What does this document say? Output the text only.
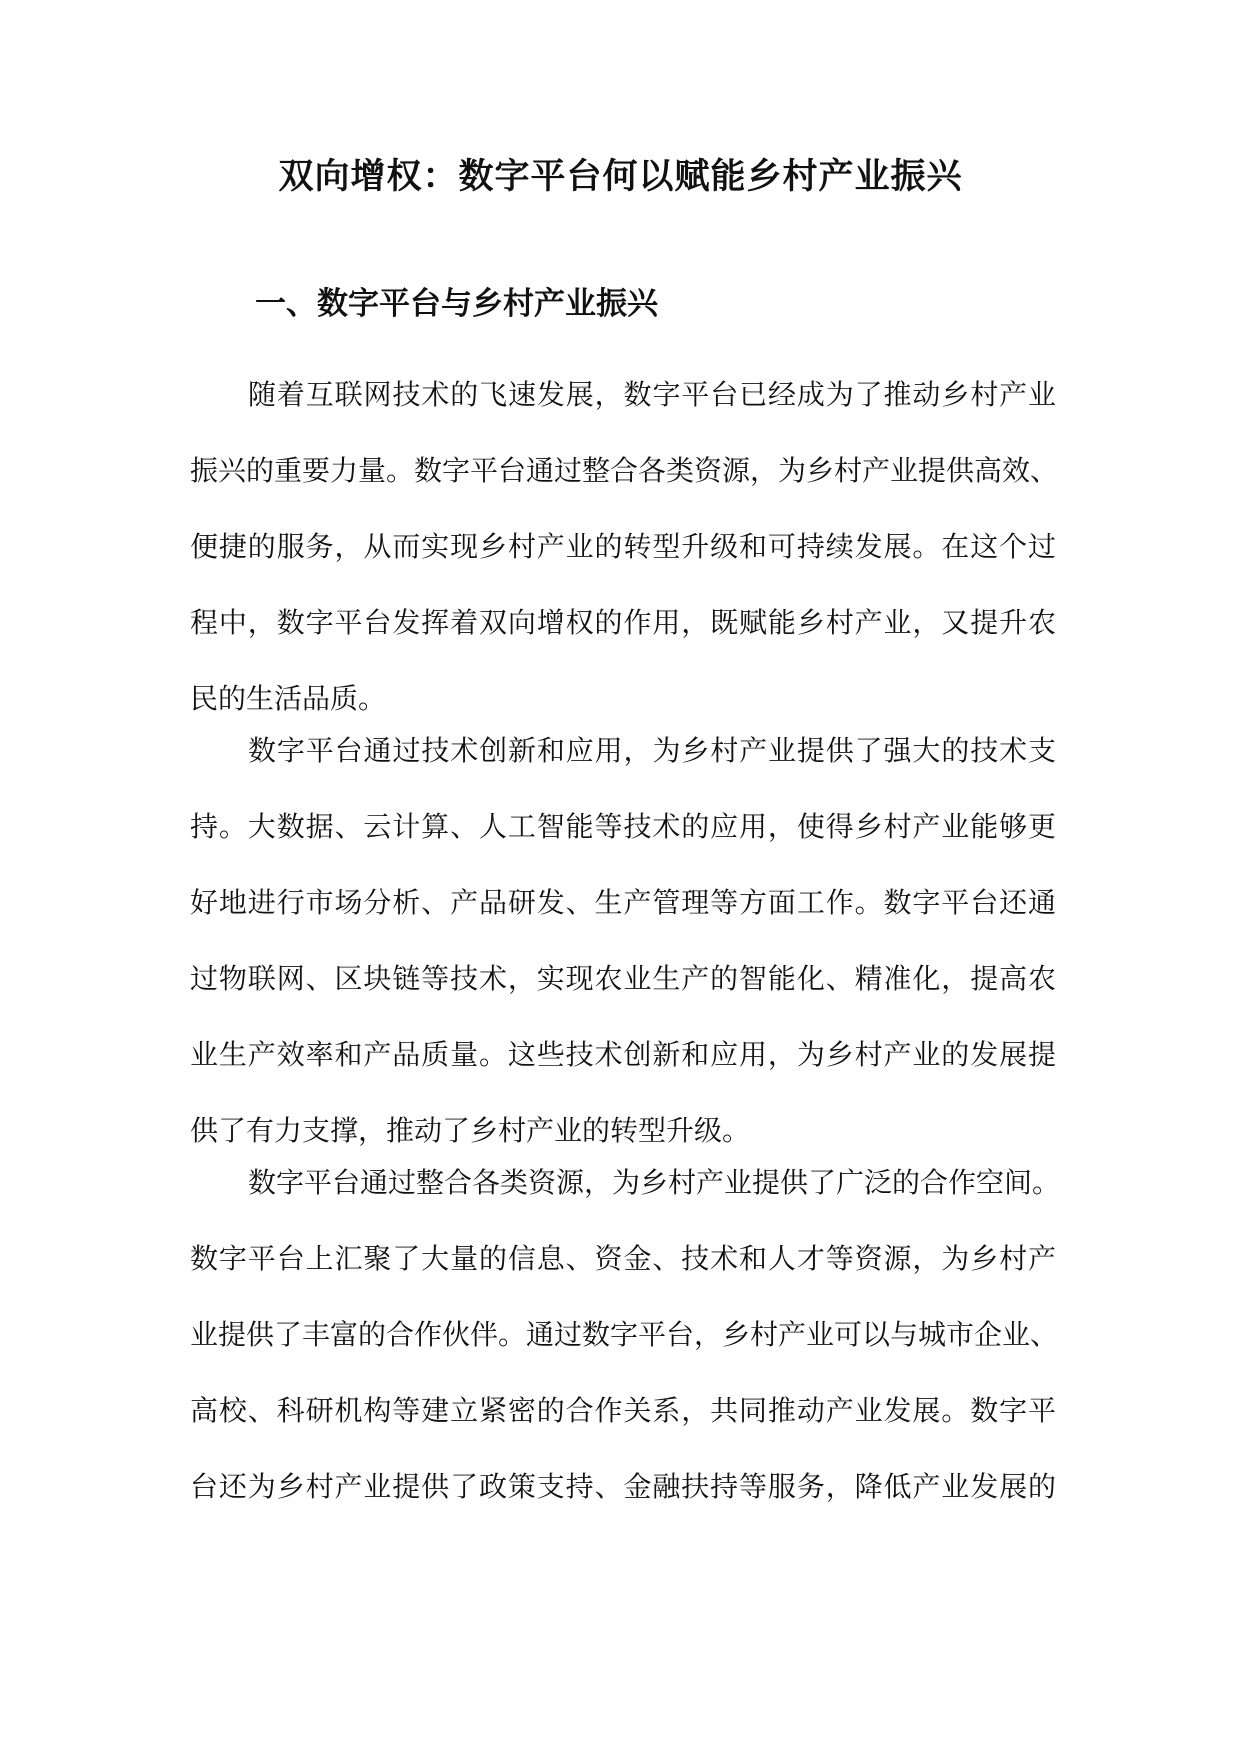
双向增权：数字平台何以赋能乡村产业振兴
一、数字平台与乡村产业振兴
随着互联网技术的飞速发展，数字平台已经成为了推动乡村产业
振兴的重要力量。数字平台通过整合各类资源，为乡村产业提供高效、
便捷的服务，从而实现乡村产业的转型升级和可持续发展。在这个过
程中，数字平台发挥着双向增权的作用，既赋能乡村产业，又提升农
民的生活品质。
数字平台通过技术创新和应用，为乡村产业提供了强大的技术支
持。大数据、云计算、人工智能等技术的应用，使得乡村产业能够更
好地进行市场分析、产品研发、生产管理等方面工作。数字平台还通
过物联网、区块链等技术，实现农业生产的智能化、精准化，提高农
业生产效率和产品质量。这些技术创新和应用，为乡村产业的发展提
供了有力支撑，推动了乡村产业的转型升级。
数字平台通过整合各类资源，为乡村产业提供了广泛的合作空间。
数字平台上汇聚了大量的信息、资金、技术和人才等资源，为乡村产
业提供了丰富的合作伙伴。通过数字平台，乡村产业可以与城市企业、
高校、科研机构等建立紧密的合作关系，共同推动产业发展。数字平
台还为乡村产业提供了政策支持、金融扶持等服务，降低产业发展的
